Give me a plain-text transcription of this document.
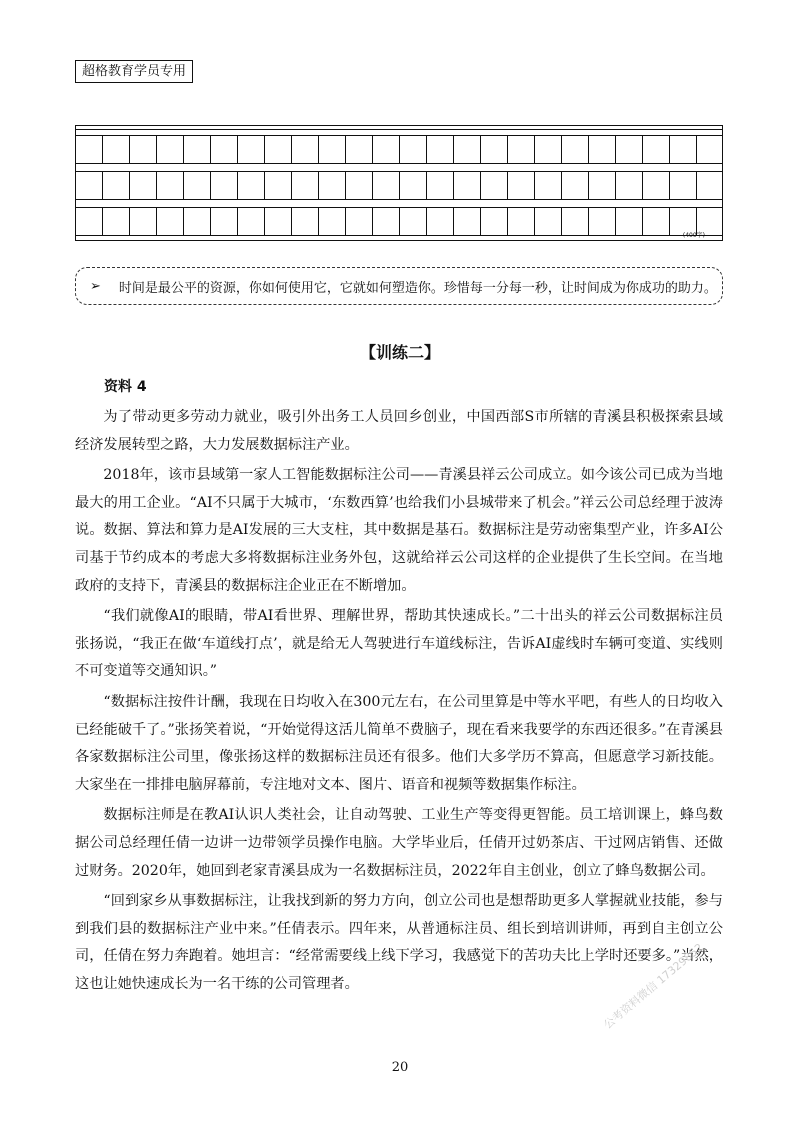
超格教育学员专用
(400字)
➢ 时间是最公平的资源，你如何使用它，它就如何塑造你。珍惜每一分每一秒，让时间成为你成功的助力。
【训练二】
资料 4

为了带动更多劳动力就业，吸引外出务工人员回乡创业，中国西部S市所辖的青溪县积极探索县域经济发展转型之路，大力发展数据标注产业。

2018年，该市县域第一家人工智能数据标注公司——青溪县祥云公司成立。如今该公司已成为当地最大的用工企业。“AI不只属于大城市，‘东数西算’也给我们小县城带来了机会。”祥云公司总经理于波涛说。数据、算法和算力是AI发展的三大支柱，其中数据是基石。数据标注是劳动密集型产业，许多AI公司基于节约成本的考虑大多将数据标注业务外包，这就给祥云公司这样的企业提供了生长空间。在当地政府的支持下，青溪县的数据标注企业正在不断增加。

“我们就像AI的眼睛，带AI看世界、理解世界，帮助其快速成长。”二十出头的祥云公司数据标注员张扬说，“我正在做‘车道线打点’，就是给无人驾驶进行车道线标注，告诉AI虚线时车辆可变道、实线则不可变道等交通知识。”

“数据标注按件计酬，我现在日均收入在300元左右，在公司里算是中等水平吧，有些人的日均收入已经能破千了。”张扬笑着说，“开始觉得这活儿简单不费脑子，现在看来我要学的东西还很多。”在青溪县各家数据标注公司里，像张扬这样的数据标注员还有很多。他们大多学历不算高，但愿意学习新技能。大家坐在一排排电脑屏幕前，专注地对文本、图片、语音和视频等数据集作标注。

数据标注师是在教AI认识人类社会，让自动驾驶、工业生产等变得更智能。员工培训课上，蜂鸟数据公司总经理任倩一边讲一边带领学员操作电脑。大学毕业后，任倩开过奶茶店、干过网店销售、还做过财务。2020年，她回到老家青溪县成为一名数据标注员，2022年自主创业，创立了蜂鸟数据公司。

“回到家乡从事数据标注，让我找到新的努力方向，创立公司也是想帮助更多人掌握就业技能，参与到我们县的数据标注产业中来。”任倩表示。四年来，从普通标注员、组长到培训讲师，再到自主创立公司，任倩在努力奔跑着。她坦言：“经常需要线上线下学习，我感觉下的苦功夫比上学时还要多。”当然，这也让她快速成长为一名干练的公司管理者。	公考资料微信 17329852
20
